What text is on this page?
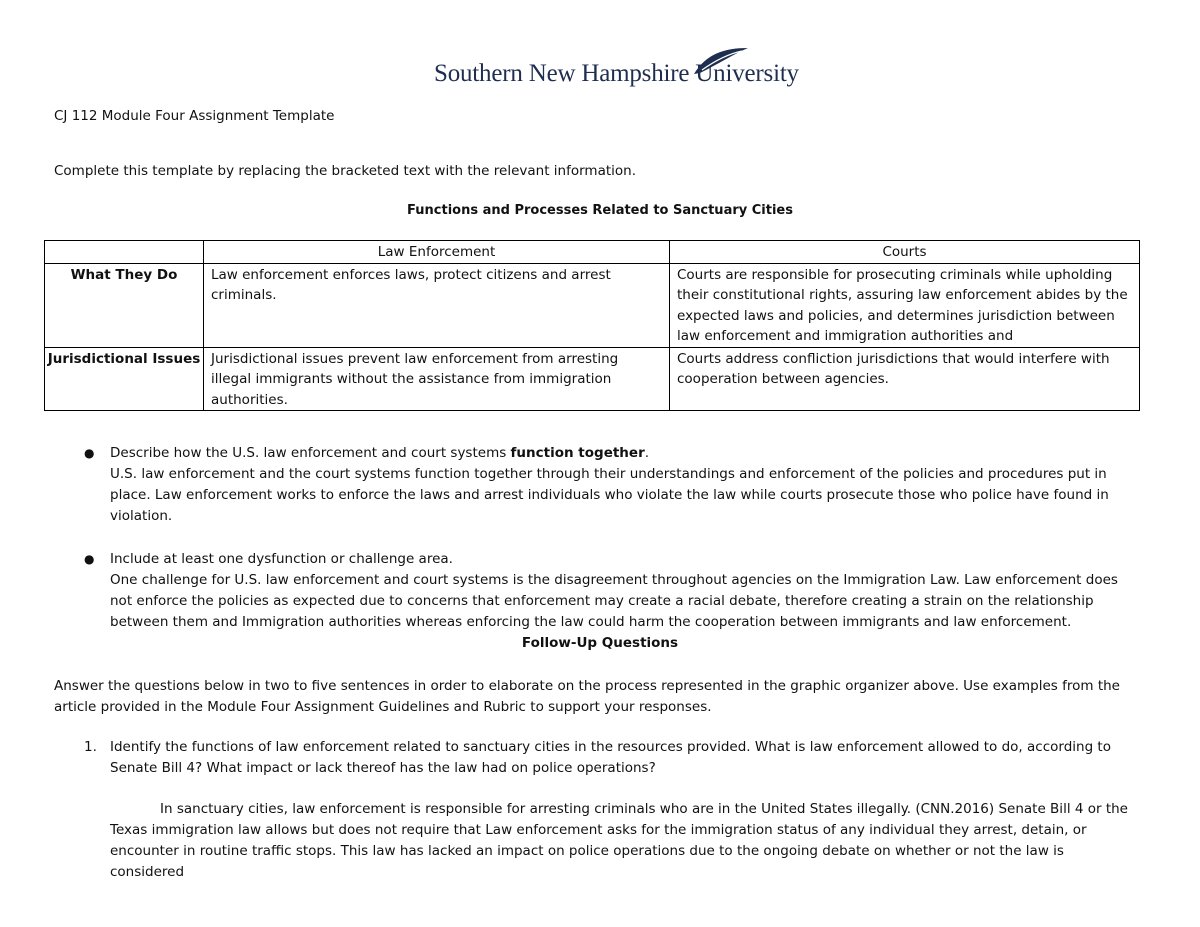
Southern New Hampshire University
CJ 112 Module Four Assignment Template
Complete this template by replacing the bracketed text with the relevant information.
Functions and Processes Related to Sanctuary Cities
	Law Enforcement	Courts
What They Do	Law enforcement enforces laws, protect citizens and arrest criminals.	Courts are responsible for prosecuting criminals while upholding their constitutional rights, assuring law enforcement abides by the expected laws and policies, and determines jurisdiction between law enforcement and immigration authorities and

Jurisdictional Issues	Jurisdictional issues prevent law enforcement from arresting illegal immigrants without the assistance from immigration authorities.	Courts address confliction jurisdictions that would interfere with cooperation between agencies.
● Describe how the U.S. law enforcement and court systems function together.
U.S. law enforcement and the court systems function together through their understandings and enforcement of the policies and procedures put in place. Law enforcement works to enforce the laws and arrest individuals who violate the law while courts prosecute those who police have found in violation.
● Include at least one dysfunction or challenge area.
One challenge for U.S. law enforcement and court systems is the disagreement throughout agencies on the Immigration Law. Law enforcement does not enforce the policies as expected due to concerns that enforcement may create a racial debate, therefore creating a strain on the relationship between them and Immigration authorities whereas enforcing the law could harm the cooperation between immigrants and law enforcement.
Follow-Up Questions
Answer the questions below in two to five sentences in order to elaborate on the process represented in the graphic organizer above. Use examples from the article provided in the Module Four Assignment Guidelines and Rubric to support your responses.
1. Identify the functions of law enforcement related to sanctuary cities in the resources provided. What is law enforcement allowed to do, according to Senate Bill 4? What impact or lack thereof has the law had on police operations?
In sanctuary cities, law enforcement is responsible for arresting criminals who are in the United States illegally. (CNN.2016) Senate Bill 4 or the Texas immigration law allows but does not require that Law enforcement asks for the immigration status of any individual they arrest, detain, or encounter in routine traffic stops. This law has lacked an impact on police operations due to the ongoing debate on whether or not the law is considered
